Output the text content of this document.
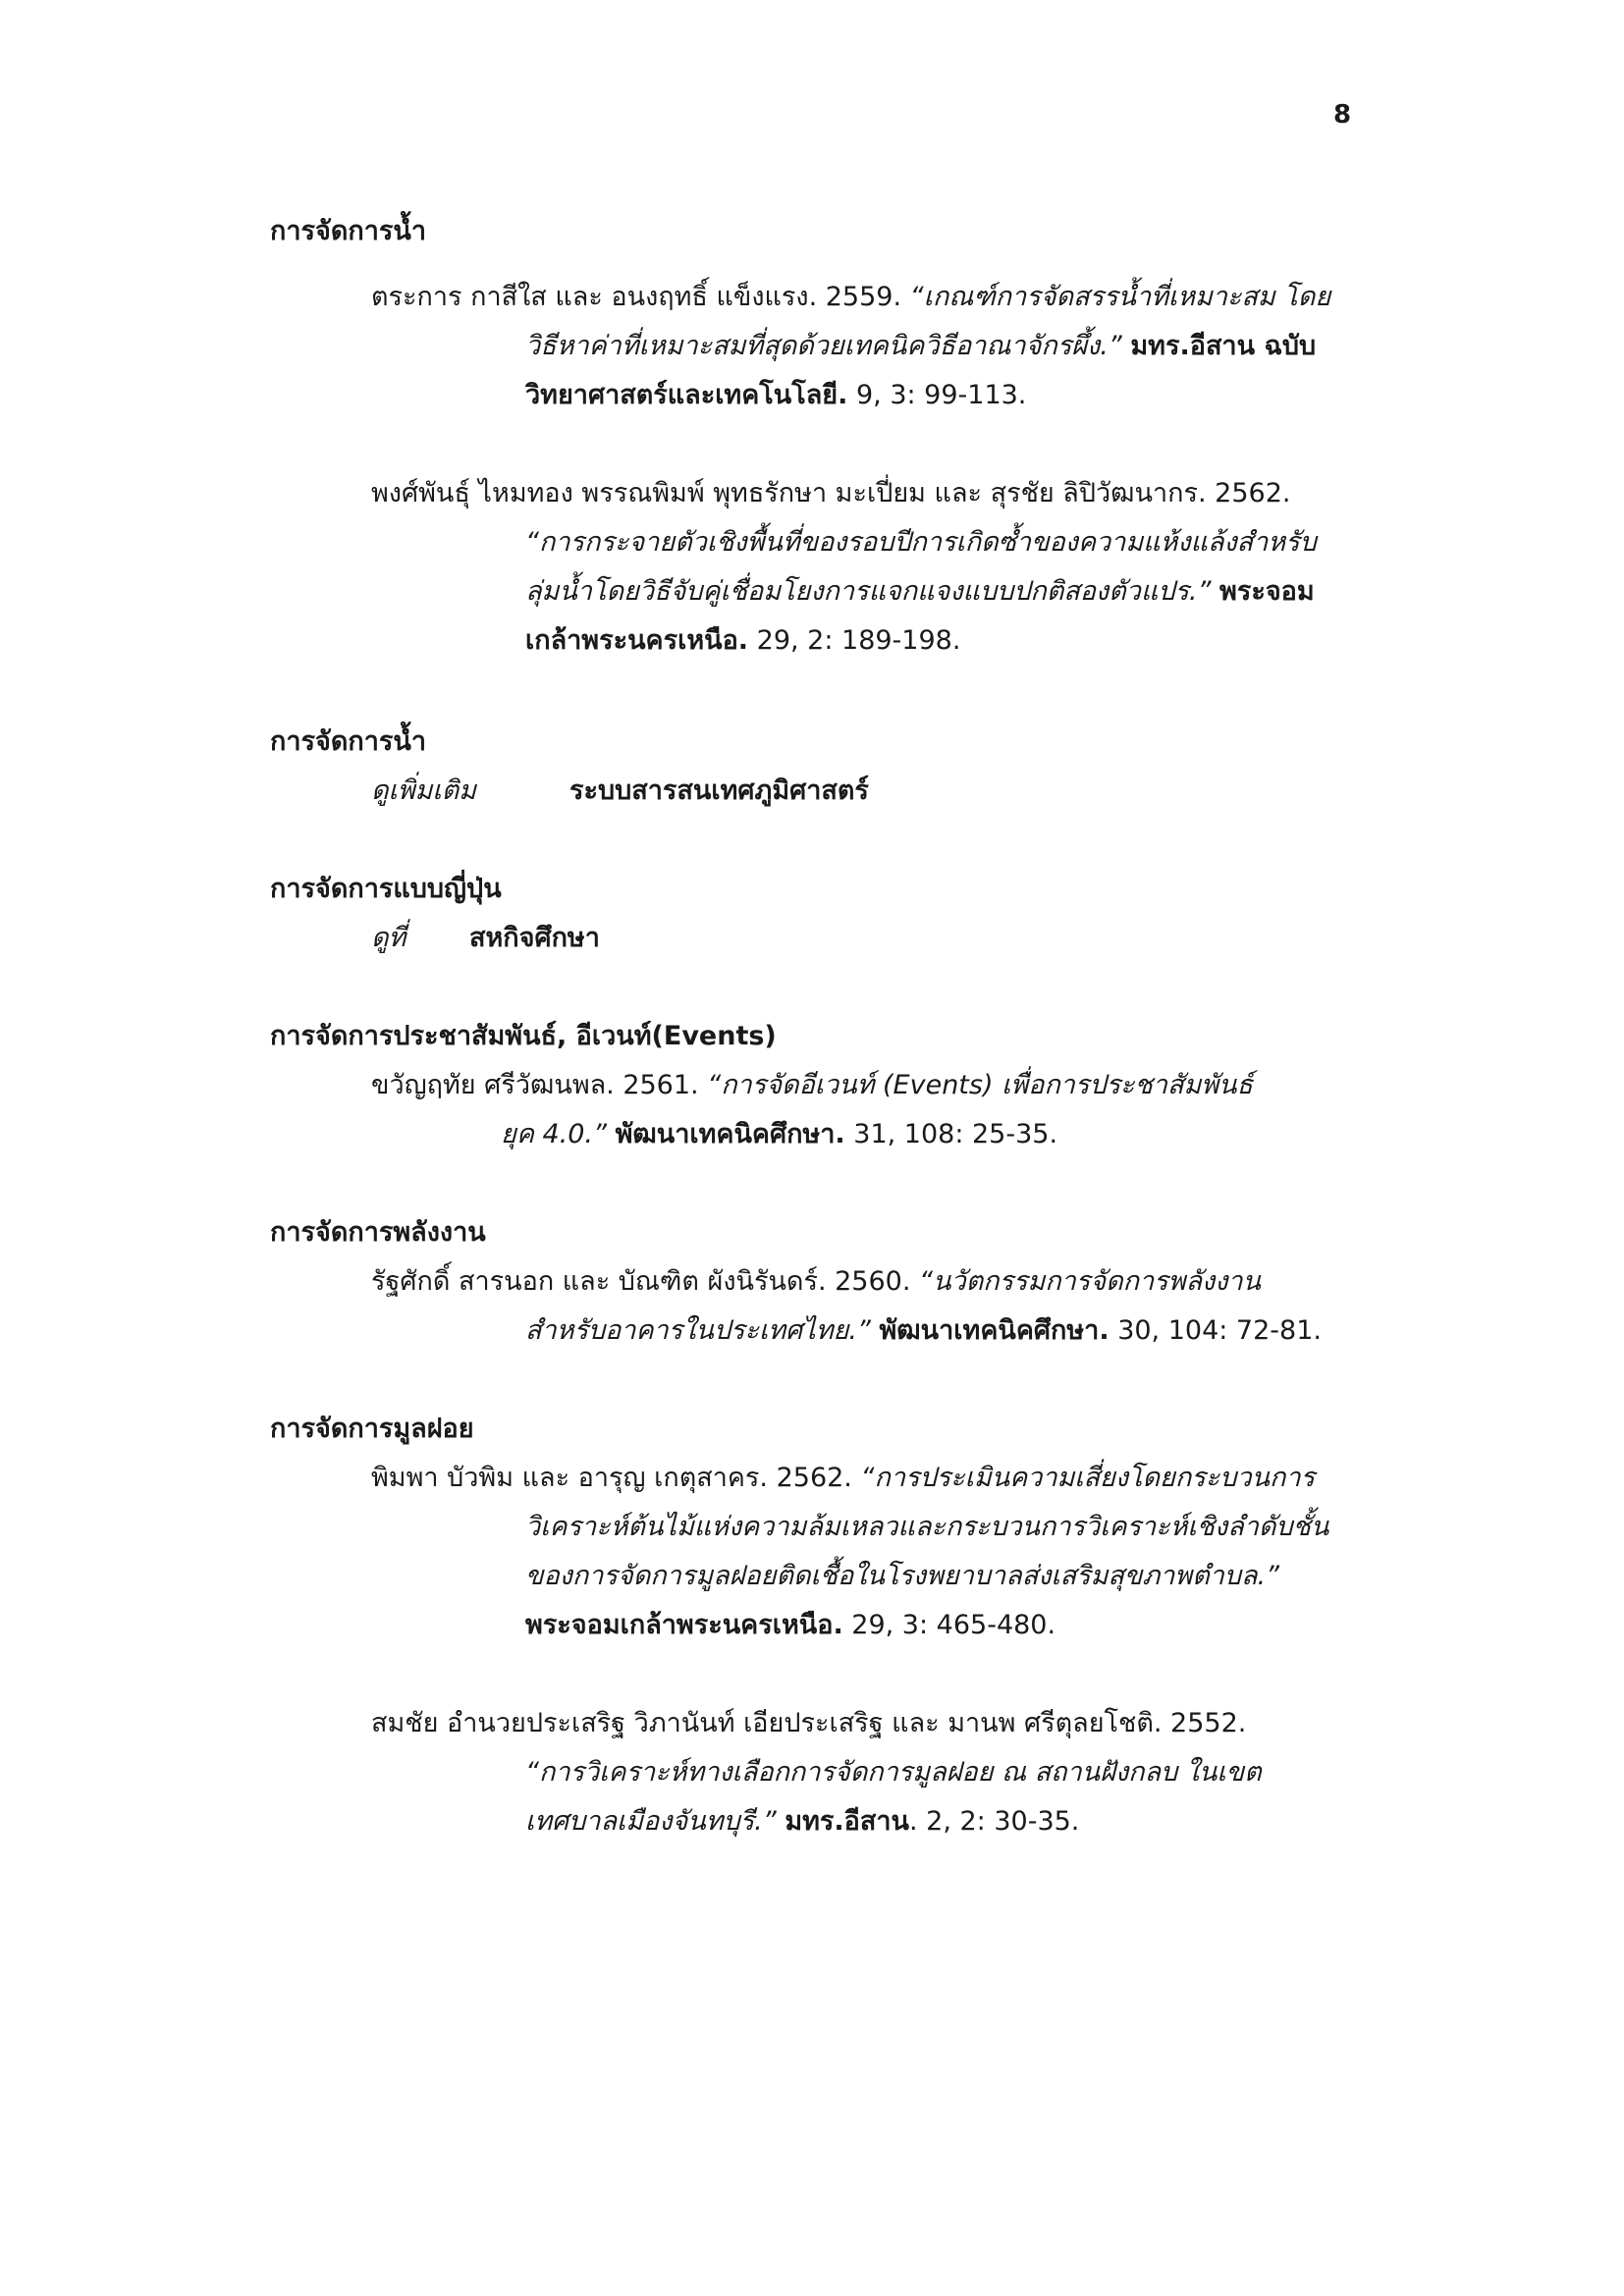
8
การจัดการน้ำ
ตระการ กาสีใส และ อนงฤทธิ์ แข็งแรง. 2559. “เกณฑ์การจัดสรรน้ำที่เหมาะสม โดย
วิธีหาค่าที่เหมาะสมที่สุดด้วยเทคนิควิธีอาณาจักรผึ้ง.” มทร.อีสาน ฉบับ
วิทยาศาสตร์และเทคโนโลยี. 9, 3: 99-113.
พงศ์พันธุ์ ไหมทอง พรรณพิมพ์ พุทธรักษา มะเปี่ยม และ สุรชัย ลิปิวัฒนากร. 2562.
“การกระจายตัวเชิงพื้นที่ของรอบปีการเกิดซ้ำของความแห้งแล้งสำหรับ
ลุ่มน้ำโดยวิธีจับคู่เชื่อมโยงการแจกแจงแบบปกติสองตัวแปร.” พระจอม
เกล้าพระนครเหนือ. 29, 2: 189-198.
การจัดการน้ำ
ดูเพิ่มเติม	ระบบสารสนเทศภูมิศาสตร์
การจัดการแบบญี่ปุ่น
ดูที่ สหกิจศึกษา
การจัดการประชาสัมพันธ์, อีเวนท์(Events)
ขวัญฤทัย ศรีวัฒนพล. 2561. “การจัดอีเวนท์ (Events) เพื่อการประชาสัมพันธ์
ยุค 4.0.” พัฒนาเทคนิคศึกษา. 31, 108: 25-35.
การจัดการพลังงาน
รัฐศักดิ์ สารนอก และ บัณฑิต ผังนิรันดร์. 2560. “นวัตกรรมการจัดการพลังงาน
สำหรับอาคารในประเทศไทย.” พัฒนาเทคนิคศึกษา. 30, 104: 72-81.
การจัดการมูลฝอย
พิมพา บัวพิม และ อารุญ เกตุสาคร. 2562. “การประเมินความเสี่ยงโดยกระบวนการ
วิเคราะห์ต้นไม้แห่งความล้มเหลวและกระบวนการวิเคราะห์เชิงลำดับชั้น
ของการจัดการมูลฝอยติดเชื้อในโรงพยาบาลส่งเสริมสุขภาพตำบล.”
พระจอมเกล้าพระนครเหนือ. 29, 3: 465-480.
สมชัย อำนวยประเสริฐ วิภานันท์ เอียประเสริฐ และ มานพ ศรีตุลยโชติ. 2552.
“การวิเคราะห์ทางเลือกการจัดการมูลฝอย ณ สถานฝังกลบ ในเขต
เทศบาลเมืองจันทบุรี.” มทร.อีสาน. 2, 2: 30-35.
